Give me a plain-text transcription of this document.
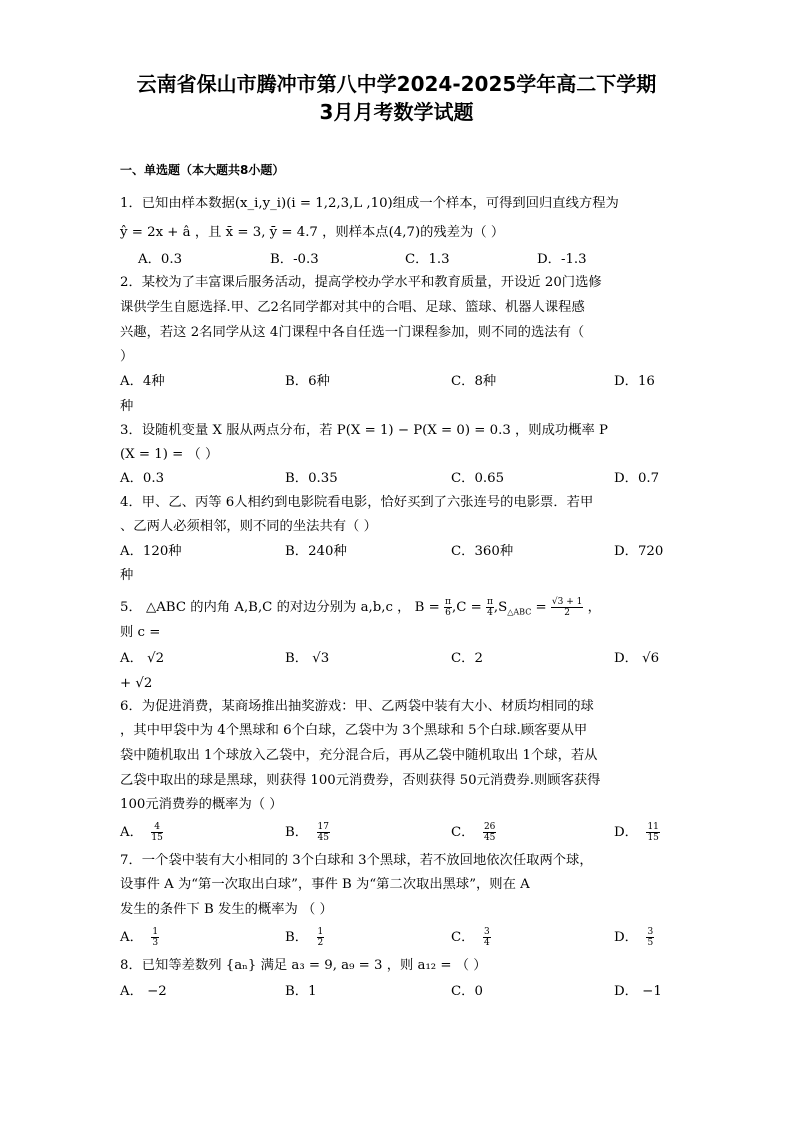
云南省保山市腾冲市第八中学2024-2025学年高二下学期
3月月考数学试题
一、单选题（本大题共8小题）
1．已知由样本数据(x_i,y_i)(i = 1,2,3,L ,10)组成一个样本，可得到回归直线方程为
ŷ = 2x + â ，且 x̄ = 3, ȳ = 4.7 ，则样本点(4,7)的残差为（ ）
A．0.3	B．-0.3	C．1.3	D．-1.3
2．某校为了丰富课后服务活动，提高学校办学水平和教育质量，开设近 20门选修
课供学生自愿选择.甲、乙2名同学都对其中的合唱、足球、篮球、机器人课程感
兴趣，若这 2名同学从这 4门课程中各自任选一门课程参加，则不同的选法有（
）
A．4种	B．6种	C．8种	D．16
种
3．设随机变量 X 服从两点分布，若 P(X = 1) − P(X = 0) = 0.3 ，则成功概率 P
(X = 1) = （ ）
A．0.3	B．0.35	C．0.65	D．0.7
4．甲、乙、丙等 6人相约到电影院看电影，恰好买到了六张连号的电影票．若甲
、乙两人必须相邻，则不同的坐法共有（ ）
A．120种	B．240种	C．360种	D．720
种
5． △ABC 的内角 A,B,C 的对边分别为 a,b,c ， $B = \frac{\pi}{6} ,C = \frac{\pi}{4} ,S_{\triangle ABC} = \frac{√3 + 1}{2}$ ，
则 c =
A． √2	B． √3	C．2	D． √6
+ √2
6．为促进消费，某商场推出抽奖游戏：甲、乙两袋中装有大小、材质均相同的球
，其中甲袋中为 4个黑球和 6个白球，乙袋中为 3个黑球和 5个白球.顾客要从甲
袋中随机取出 1个球放入乙袋中，充分混合后，再从乙袋中随机取出 1个球，若从
乙袋中取出的球是黑球，则获得 100元消费券，否则获得 50元消费券.则顾客获得
100元消费券的概率为（ ）
A． $\frac{4}{15}$	B． $\frac{17}{45}$	C． $\frac{26}{45}$	D． $\frac{11}{15}$
7．一个袋中装有大小相同的 3个白球和 3个黑球，若不放回地依次任取两个球，
设事件 A 为“第一次取出白球”，事件 B 为“第二次取出黑球”，则在 A
发生的条件下 B 发生的概率为 （ ）
A． $\frac{1}{3}$	B． $\frac{1}{2}$	C． $\frac{3}{4}$	D． $\frac{3}{5}$
8．已知等差数列 {aₙ} 满足 a₃ = 9, a₉ = 3 ，则 a₁₂ = （ ）
A． −2	B．1	C．0	D． −1
